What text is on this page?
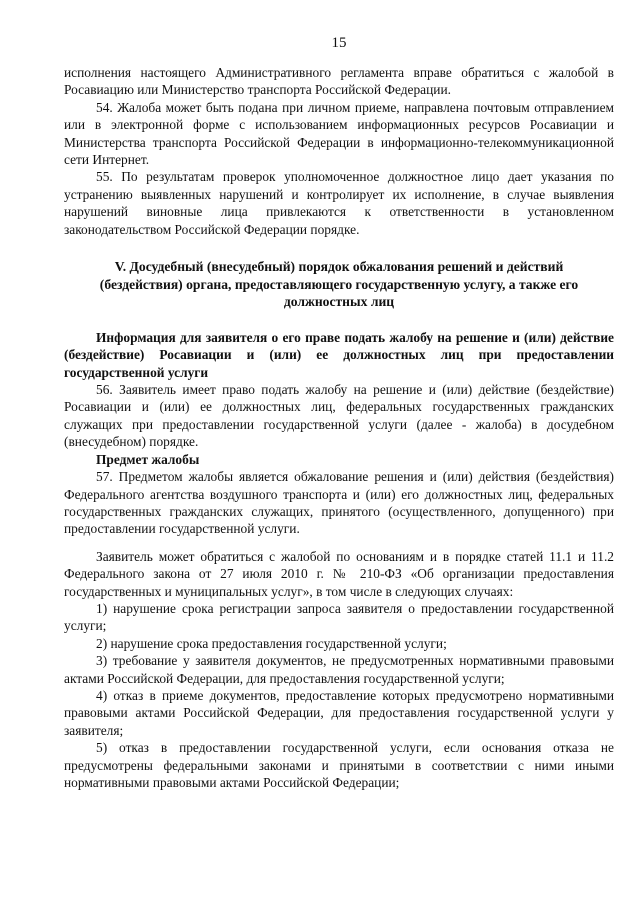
15

исполнения настоящего Административного регламента вправе обратиться с жалобой в Росавиацию или Министерство транспорта Российской Федерации.

54. Жалоба может быть подана при личном приеме, направлена почтовым отправлением или в электронной форме с использованием информационных ресурсов Росавиации и Министерства транспорта Российской Федерации в информационно-телекоммуникационной сети Интернет.

55. По результатам проверок уполномоченное должностное лицо дает указания по устранению выявленных нарушений и контролирует их исполнение, в случае выявления нарушений виновные лица привлекаются к ответственности в установленном законодательством Российской Федерации порядке.

V. Досудебный (внесудебный) порядок обжалования решений и действий (бездействия) органа, предоставляющего государственную услугу, а также его должностных лиц
Информация для заявителя о его праве подать жалобу на решение и (или) действие (бездействие) Росавиации и (или) ее должностных лиц при предоставлении государственной услуги

56. Заявитель имеет право подать жалобу на решение и (или) действие (бездействие) Росавиации и (или) ее должностных лиц, федеральных государственных гражданских служащих при предоставлении государственной услуги (далее - жалоба) в досудебном (внесудебном) порядке.

Предмет жалобы

57. Предметом жалобы является обжалование решения и (или) действия (бездействия) Федерального агентства воздушного транспорта и (или) его должностных лиц, федеральных государственных гражданских служащих, принятого (осуществленного, допущенного) при предоставлении государственной услуги.

Заявитель может обратиться с жалобой по основаниям и в порядке статей 11.1 и 11.2 Федерального закона от 27 июля 2010 г. № 210-ФЗ «Об организации предоставления государственных и муниципальных услуг», в том числе в следующих случаях:

1) нарушение срока регистрации запроса заявителя о предоставлении государственной услуги;

2) нарушение срока предоставления государственной услуги;

3) требование у заявителя документов, не предусмотренных нормативными правовыми актами Российской Федерации, для предоставления государственной услуги;

4) отказ в приеме документов, предоставление которых предусмотрено нормативными правовыми актами Российской Федерации, для предоставления государственной услуги у заявителя;

5) отказ в предоставлении государственной услуги, если основания отказа не предусмотрены федеральными законами и принятыми в соответствии с ними иными нормативными правовыми актами Российской Федерации;
